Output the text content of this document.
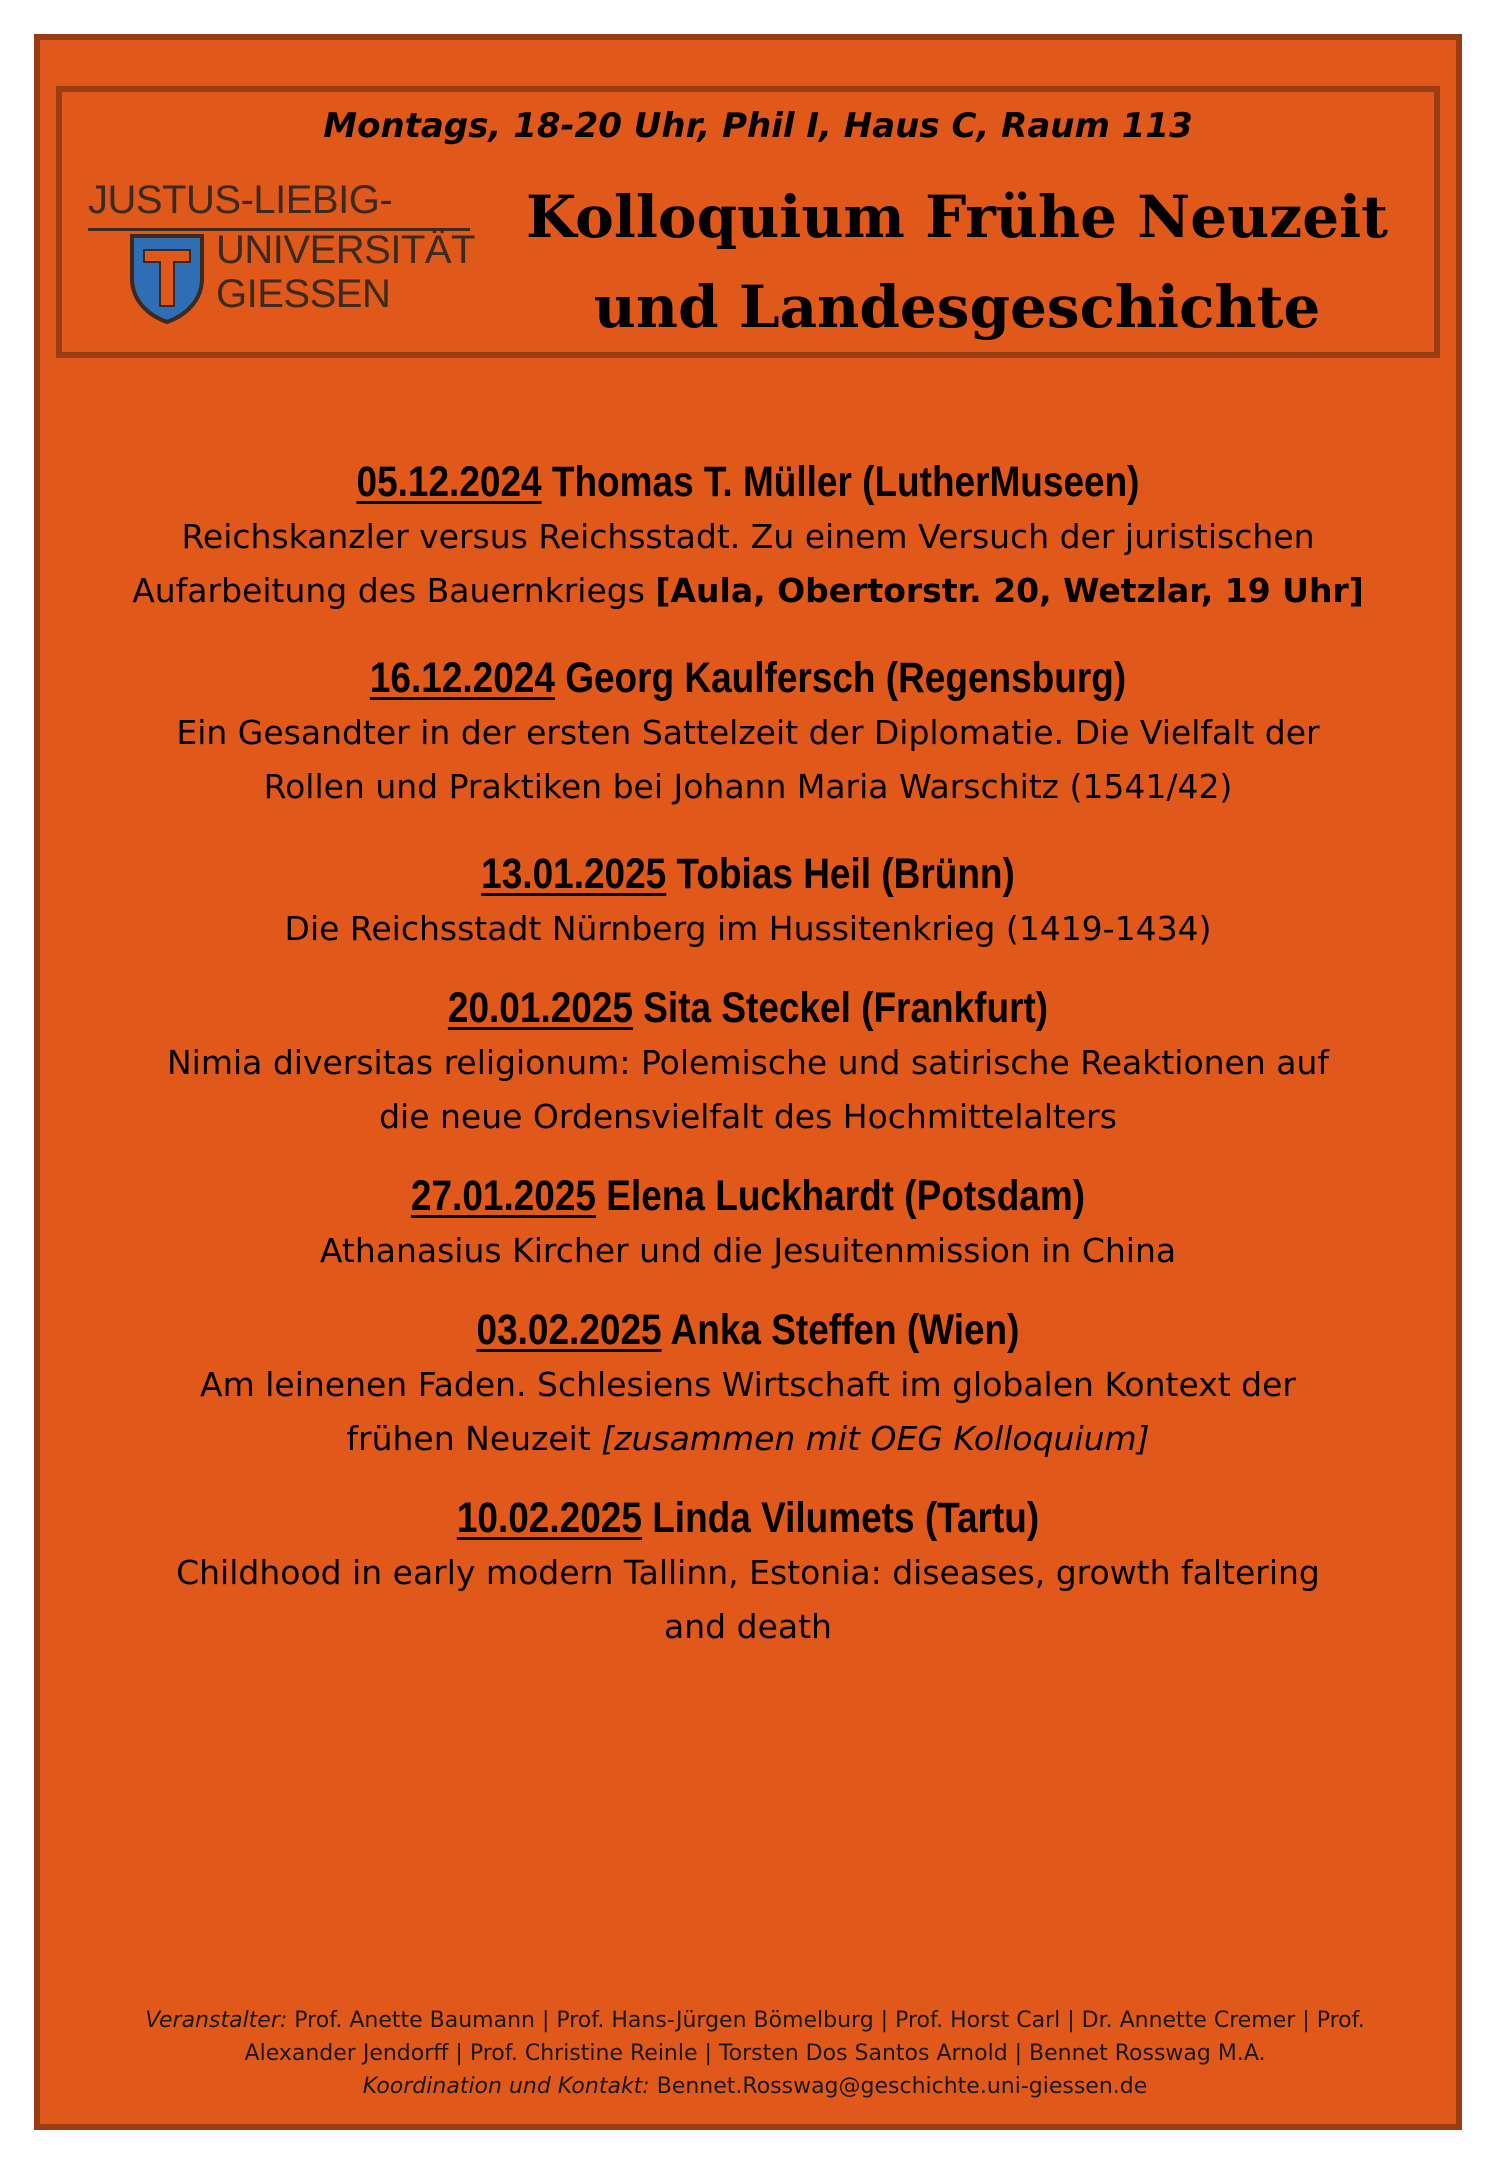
Montags, 18-20 Uhr, Phil I, Haus C, Raum 113
JUSTUS-LIEBIG-
UNIVERSITÄT
GIESSEN
Kolloquium Frühe Neuzeit
und Landesgeschichte
05.12.2024 Thomas T. Müller (LutherMuseen)
Reichskanzler versus Reichsstadt. Zu einem Versuch der juristischen
Aufarbeitung des Bauernkriegs [Aula, Obertorstr. 20, Wetzlar, 19 Uhr]
16.12.2024 Georg Kaulfersch (Regensburg)
Ein Gesandter in der ersten Sattelzeit der Diplomatie. Die Vielfalt der
Rollen und Praktiken bei Johann Maria Warschitz (1541/42)
13.01.2025 Tobias Heil (Brünn)
Die Reichsstadt Nürnberg im Hussitenkrieg (1419-1434)
20.01.2025 Sita Steckel (Frankfurt)
Nimia diversitas religionum: Polemische und satirische Reaktionen auf
die neue Ordensvielfalt des Hochmittelalters
27.01.2025 Elena Luckhardt (Potsdam)
Athanasius Kircher und die Jesuitenmission in China
03.02.2025 Anka Steffen (Wien)
Am leinenen Faden. Schlesiens Wirtschaft im globalen Kontext der
frühen Neuzeit [zusammen mit OEG Kolloquium]
10.02.2025 Linda Vilumets (Tartu)
Childhood in early modern Tallinn, Estonia: diseases, growth faltering
and death
Veranstalter: Prof. Anette Baumann | Prof. Hans-Jürgen Bömelburg | Prof. Horst Carl | Dr. Annette Cremer | Prof.
Alexander Jendorff | Prof. Christine Reinle | Torsten Dos Santos Arnold | Bennet Rosswag M.A.
Koordination und Kontakt: Bennet.Rosswag@geschichte.uni-giessen.de
